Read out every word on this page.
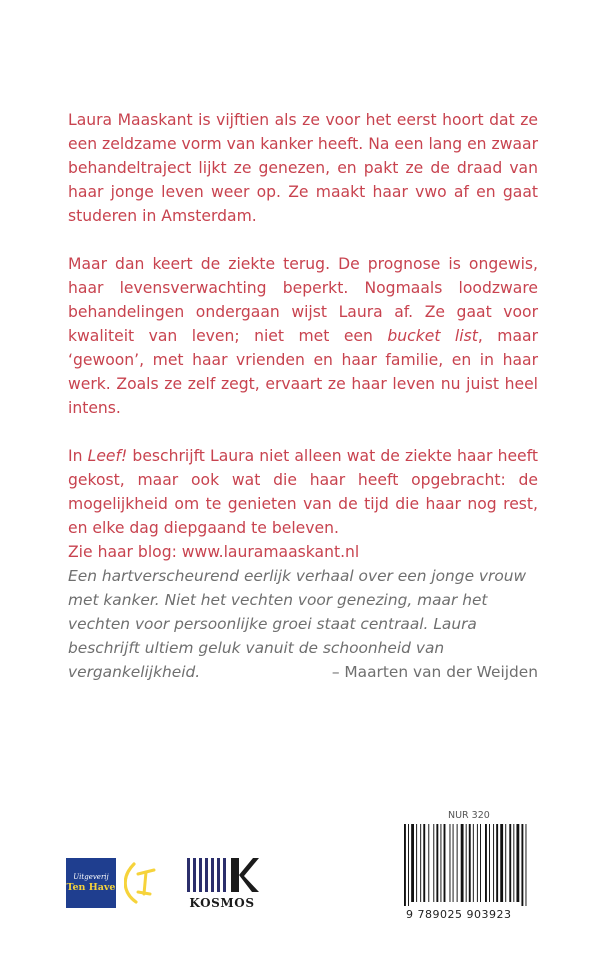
Laura Maaskant is vijftien als ze voor het eerst hoort dat ze een zeldzame vorm van kanker heeft. Na een lang en zwaar behandeltraject lijkt ze genezen, en pakt ze de draad van haar jonge leven weer op. Ze maakt haar vwo af en gaat studeren in Amsterdam.

Maar dan keert de ziekte terug. De prognose is ongewis, haar levensverwachting beperkt. Nogmaals loodzware behandelingen ondergaan wijst Laura af. Ze gaat voor kwaliteit van leven; niet met een bucket list, maar ‘gewoon’, met haar vrienden en haar familie, en in haar werk. Zoals ze zelf zegt, ervaart ze haar leven nu juist heel intens.

In Leef! beschrijft Laura niet alleen wat de ziekte haar heeft gekost, maar ook wat die haar heeft opgebracht: de mogelijkheid om te genieten van de tijd die haar nog rest, en elke dag diepgaand te beleven.
Zie haar blog: www.lauramaaskant.nl

Een hartverscheurend eerlijk verhaal over een jonge vrouw met kanker. Niet het vechten voor genezing, maar het vechten voor persoonlijke groei staat centraal. Laura beschrijft ultiem geluk vanuit de schoonheid van vergankelijkheid.	– Maarten van der Weijden
Uitgeverij
Ten Have
KOSMOS
NUR 320
9 789025 903923
